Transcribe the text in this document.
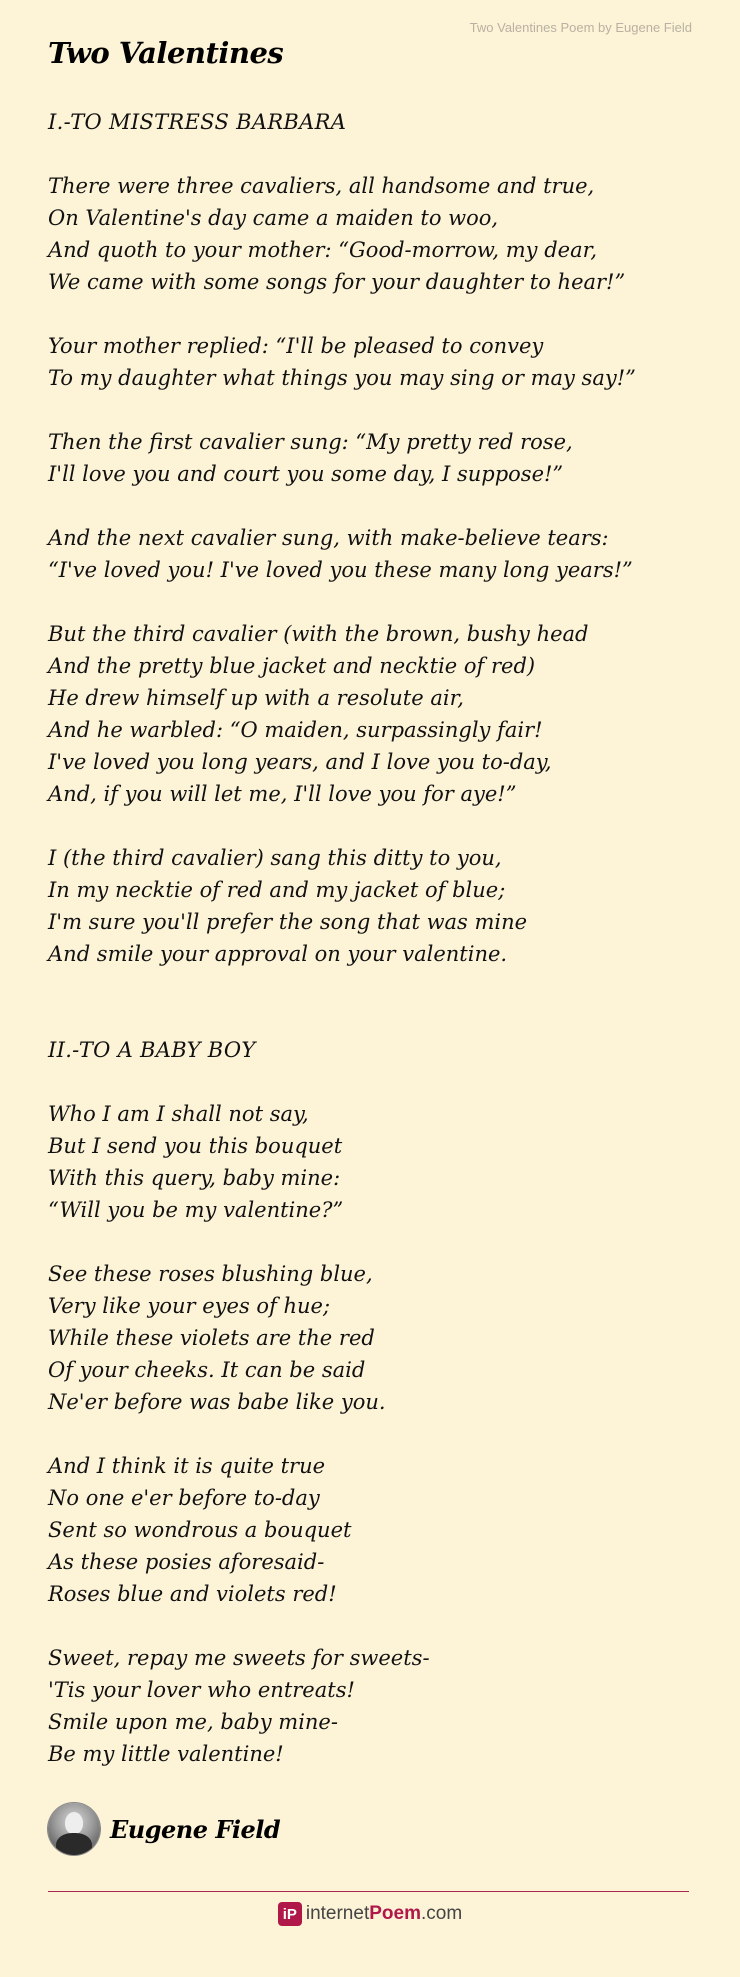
Two Valentines Poem by Eugene Field
Two Valentines
I.-TO MISTRESS BARBARA
There were three cavaliers, all handsome and true,
On Valentine's day came a maiden to woo,
And quoth to your mother: “Good-morrow, my dear,
We came with some songs for your daughter to hear!”
Your mother replied: “I'll be pleased to convey
To my daughter what things you may sing or may say!”
Then the first cavalier sung: “My pretty red rose,
I'll love you and court you some day, I suppose!”
And the next cavalier sung, with make-believe tears:
“I've loved you! I've loved you these many long years!”
But the third cavalier (with the brown, bushy head
And the pretty blue jacket and necktie of red)
He drew himself up with a resolute air,
And he warbled: “O maiden, surpassingly fair!
I've loved you long years, and I love you to-day,
And, if you will let me, I'll love you for aye!”
I (the third cavalier) sang this ditty to you,
In my necktie of red and my jacket of blue;
I'm sure you'll prefer the song that was mine
And smile your approval on your valentine.
II.-TO A BABY BOY
Who I am I shall not say,
But I send you this bouquet
With this query, baby mine:
“Will you be my valentine?”
See these roses blushing blue,
Very like your eyes of hue;
While these violets are the red
Of your cheeks. It can be said
Ne'er before was babe like you.
And I think it is quite true
No one e'er before to-day
Sent so wondrous a bouquet
As these posies aforesaid-
Roses blue and violets red!
Sweet, repay me sweets for sweets-
'Tis your lover who entreats!
Smile upon me, baby mine-
Be my little valentine!
Eugene Field
iP internetPoem.com
